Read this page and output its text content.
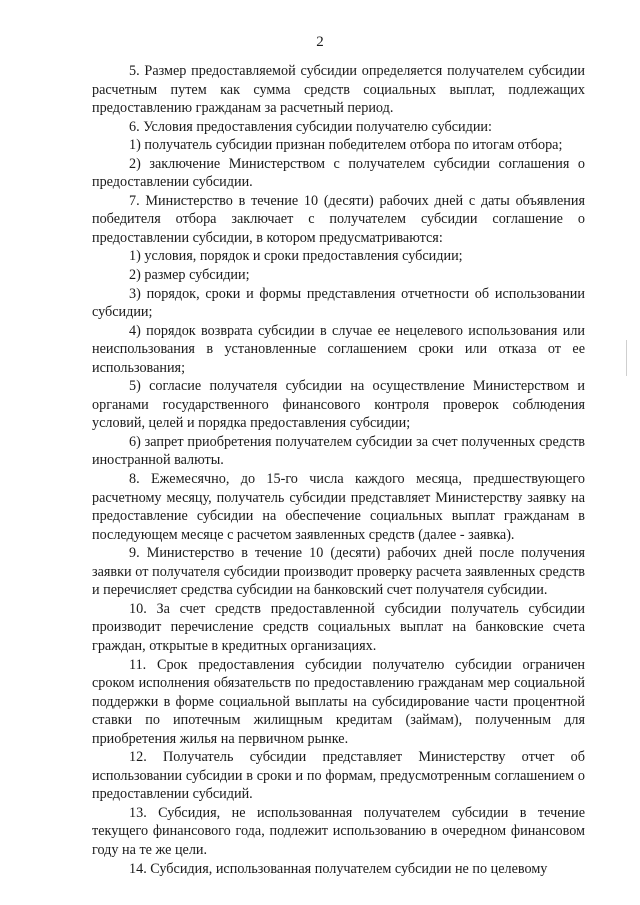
2

5. Размер предоставляемой субсидии определяется получателем субсидии расчетным путем как сумма средств социальных выплат, подлежащих предоставлению гражданам за расчетный период.

6. Условия предоставления субсидии получателю субсидии:

1) получатель субсидии признан победителем отбора по итогам отбора;

2) заключение Министерством с получателем субсидии соглашения о предоставлении субсидии.

7. Министерство в течение 10 (десяти) рабочих дней с даты объявления победителя отбора заключает с получателем субсидии соглашение о предоставлении субсидии, в котором предусматриваются:

1) условия, порядок и сроки предоставления субсидии;

2) размер субсидии;

3) порядок, сроки и формы представления отчетности об использовании субсидии;

4) порядок возврата субсидии в случае ее нецелевого использования или неиспользования в установленные соглашением сроки или отказа от ее использования;

5) согласие получателя субсидии на осуществление Министерством и органами государственного финансового контроля проверок соблюдения условий, целей и порядка предоставления субсидии;

6) запрет приобретения получателем субсидии за счет полученных средств иностранной валюты.

8. Ежемесячно, до 15-го числа каждого месяца, предшествующего расчетному месяцу, получатель субсидии представляет Министерству заявку на предоставление субсидии на обеспечение социальных выплат гражданам в последующем месяце с расчетом заявленных средств (далее - заявка).

9. Министерство в течение 10 (десяти) рабочих дней после получения заявки от получателя субсидии производит проверку расчета заявленных средств и перечисляет средства субсидии на банковский счет получателя субсидии.

10. За счет средств предоставленной субсидии получатель субсидии производит перечисление средств социальных выплат на банковские счета граждан, открытые в кредитных организациях.

11. Срок предоставления субсидии получателю субсидии ограничен сроком исполнения обязательств по предоставлению гражданам мер социальной поддержки в форме социальной выплаты на субсидирование части процентной ставки по ипотечным жилищным кредитам (займам), полученным для приобретения жилья на первичном рынке.

12. Получатель субсидии представляет Министерству отчет об использовании субсидии в сроки и по формам, предусмотренным соглашением о предоставлении субсидий.

13. Субсидия, не использованная получателем субсидии в течение текущего финансового года, подлежит использованию в очередном финансовом году на те же цели.

14. Субсидия, использованная получателем субсидии не по целевому
